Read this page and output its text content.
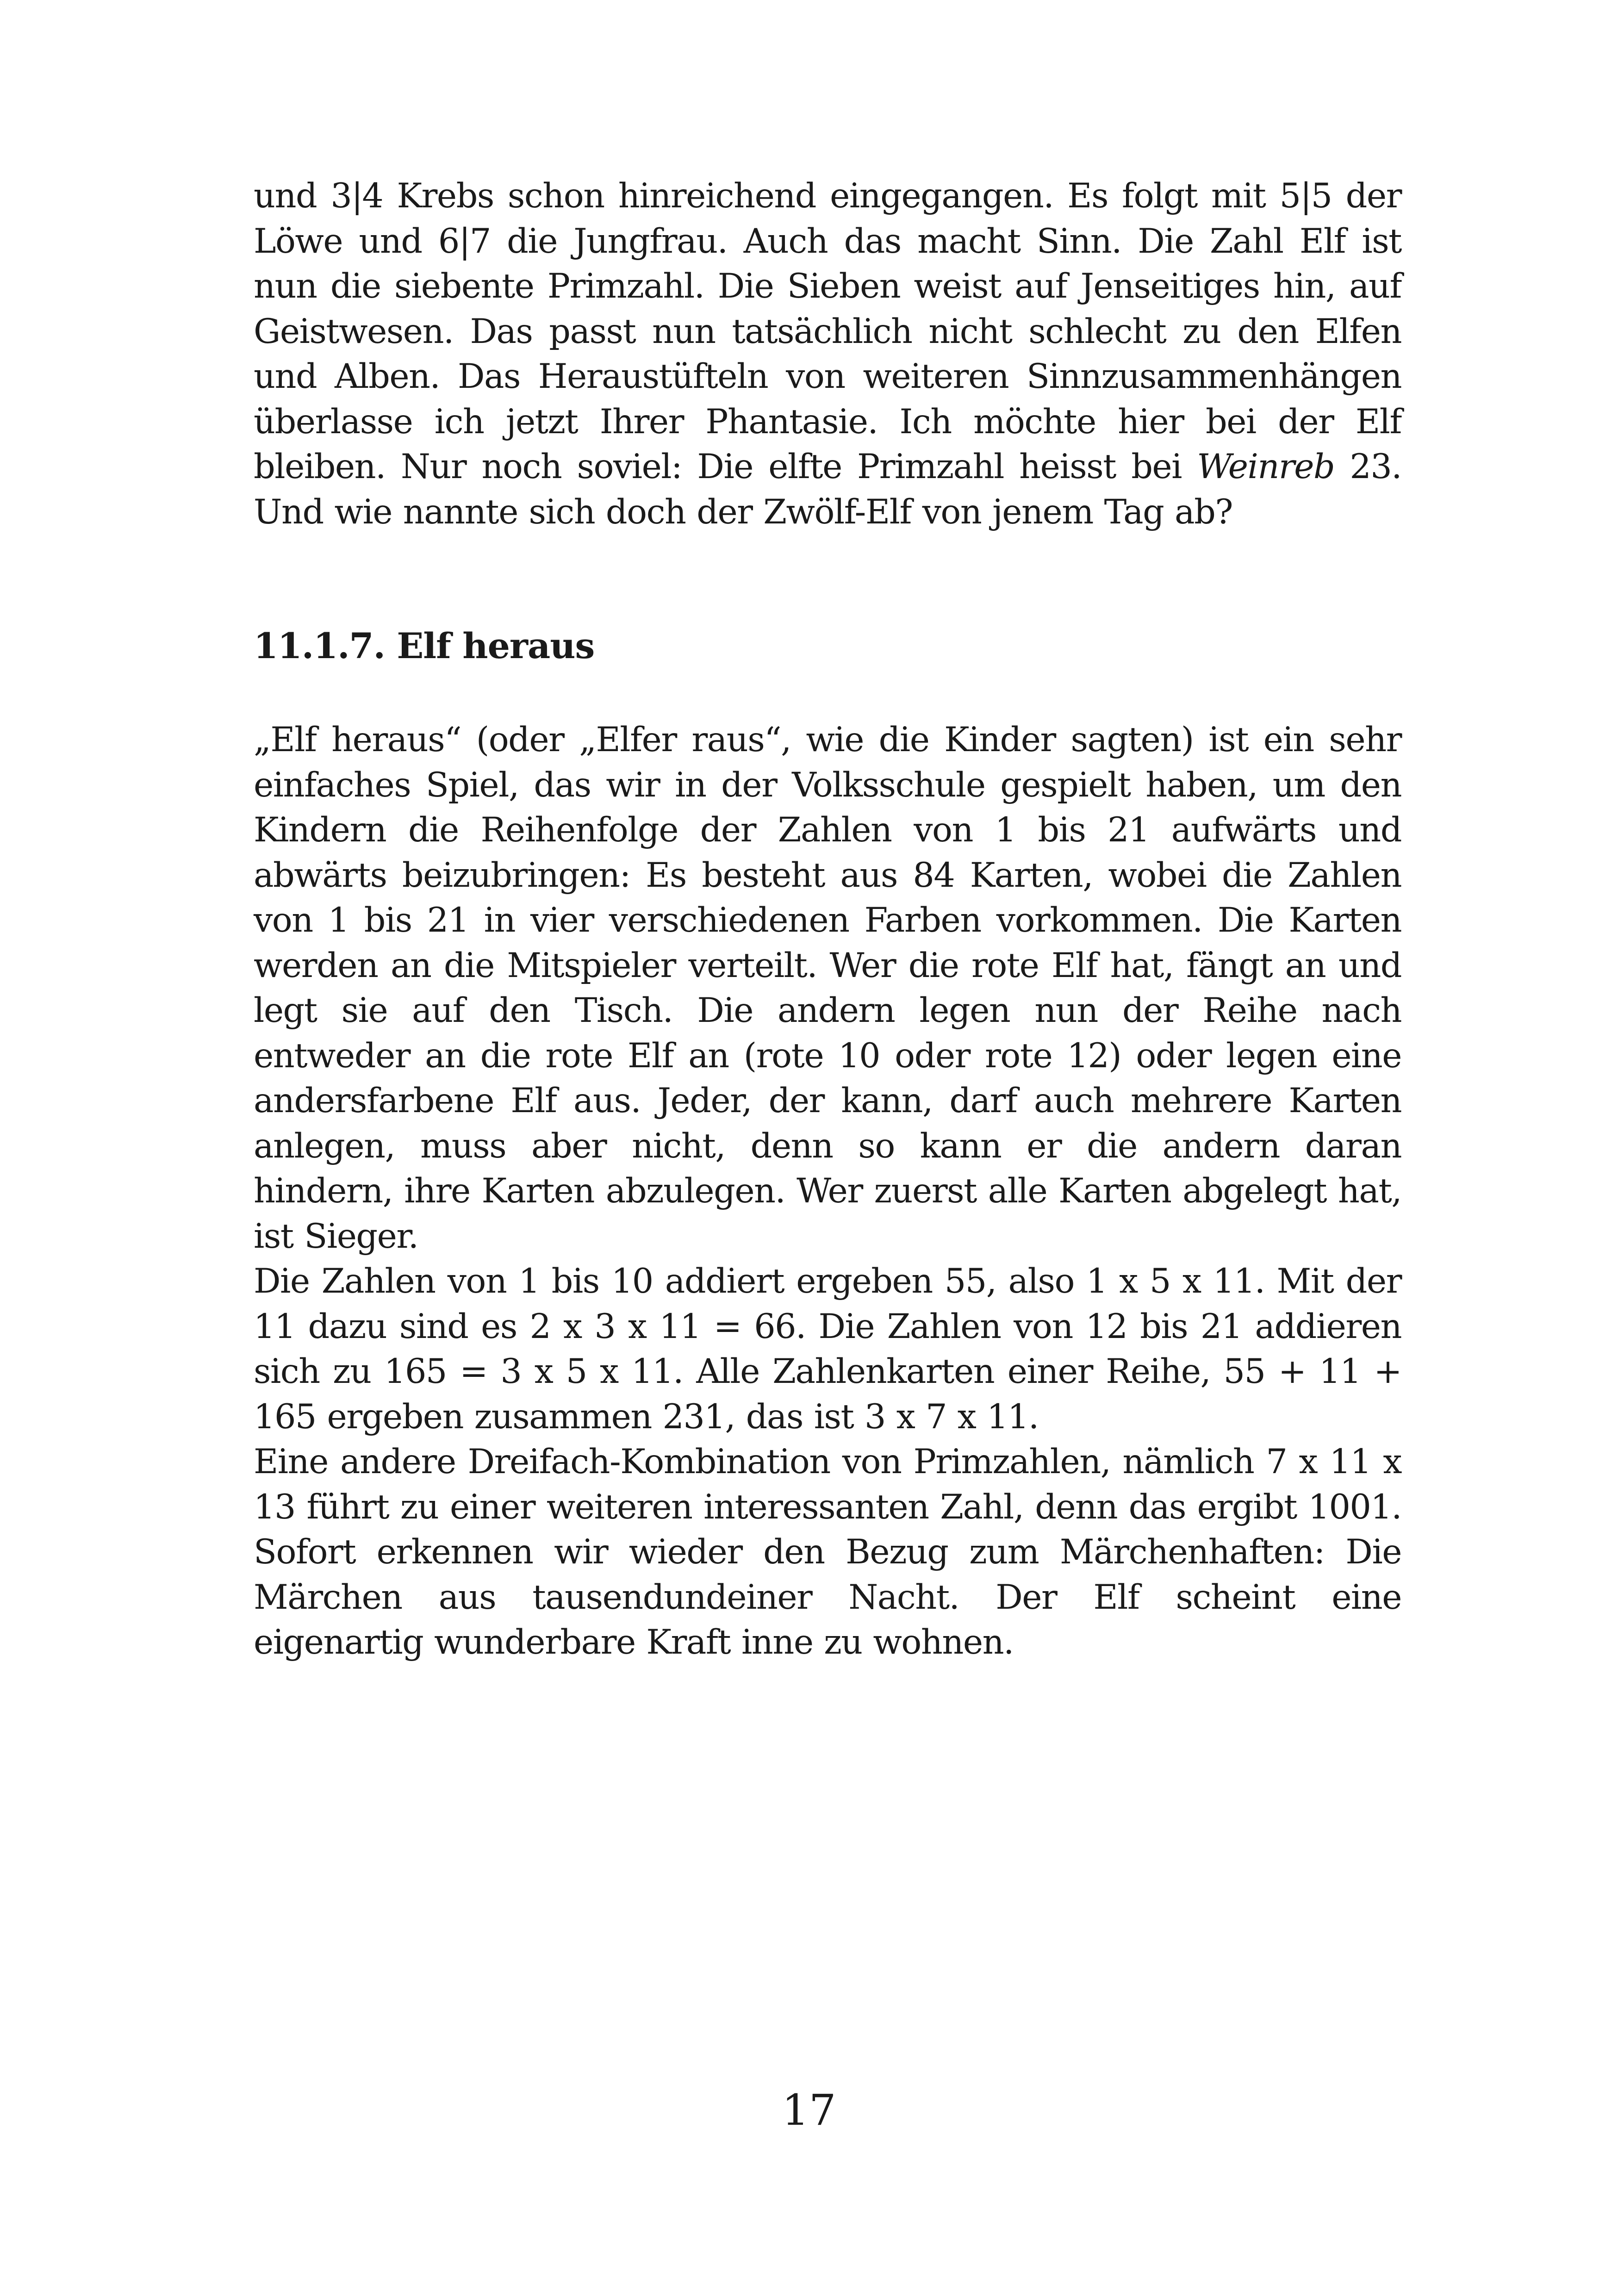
und 3|4 Krebs schon hinreichend eingegangen. Es folgt mit 5|5 der Löwe und 6|7 die Jungfrau. Auch das macht Sinn. Die Zahl Elf ist nun die siebente Primzahl. Die Sieben weist auf Jenseitiges hin, auf Geistwesen. Das passt nun tatsächlich nicht schlecht zu den Elfen und Alben. Das Heraustüfteln von weiteren Sinnzusammenhängen überlasse ich jetzt Ihrer Phantasie. Ich möchte hier bei der Elf bleiben. Nur noch soviel: Die elfte Primzahl heisst bei Weinreb 23. Und wie nannte sich doch der Zwölf-Elf von jenem Tag ab?

11.1.7. Elf heraus

„Elf heraus“ (oder „Elfer raus“, wie die Kinder sagten) ist ein sehr einfaches Spiel, das wir in der Volksschule gespielt haben, um den Kindern die Reihenfolge der Zahlen von 1 bis 21 aufwärts und abwärts beizubringen: Es besteht aus 84 Karten, wobei die Zahlen von 1 bis 21 in vier verschiedenen Farben vorkommen. Die Karten werden an die Mitspieler verteilt. Wer die rote Elf hat, fängt an und legt sie auf den Tisch. Die andern legen nun der Reihe nach entweder an die rote Elf an (rote 10 oder rote 12) oder legen eine andersfarbene Elf aus. Jeder, der kann, darf auch mehrere Karten anlegen, muss aber nicht, denn so kann er die andern daran hindern, ihre Karten abzulegen. Wer zuerst alle Karten abgelegt hat, ist Sieger.

Die Zahlen von 1 bis 10 addiert ergeben 55, also 1 x 5 x 11. Mit der 11 dazu sind es 2 x 3 x 11 = 66. Die Zahlen von 12 bis 21 addieren sich zu 165 = 3 x 5 x 11. Alle Zahlenkarten einer Reihe, 55 + 11 + 165 ergeben zusammen 231, das ist 3 x 7 x 11.

Eine andere Dreifach-Kombination von Primzahlen, nämlich 7 x 11 x 13 führt zu einer weiteren interessanten Zahl, denn das ergibt 1001. Sofort erkennen wir wieder den Bezug zum Märchenhaften: Die Märchen aus tausendundeiner Nacht. Der Elf scheint eine eigenartig wunderbare Kraft inne zu wohnen.

17
